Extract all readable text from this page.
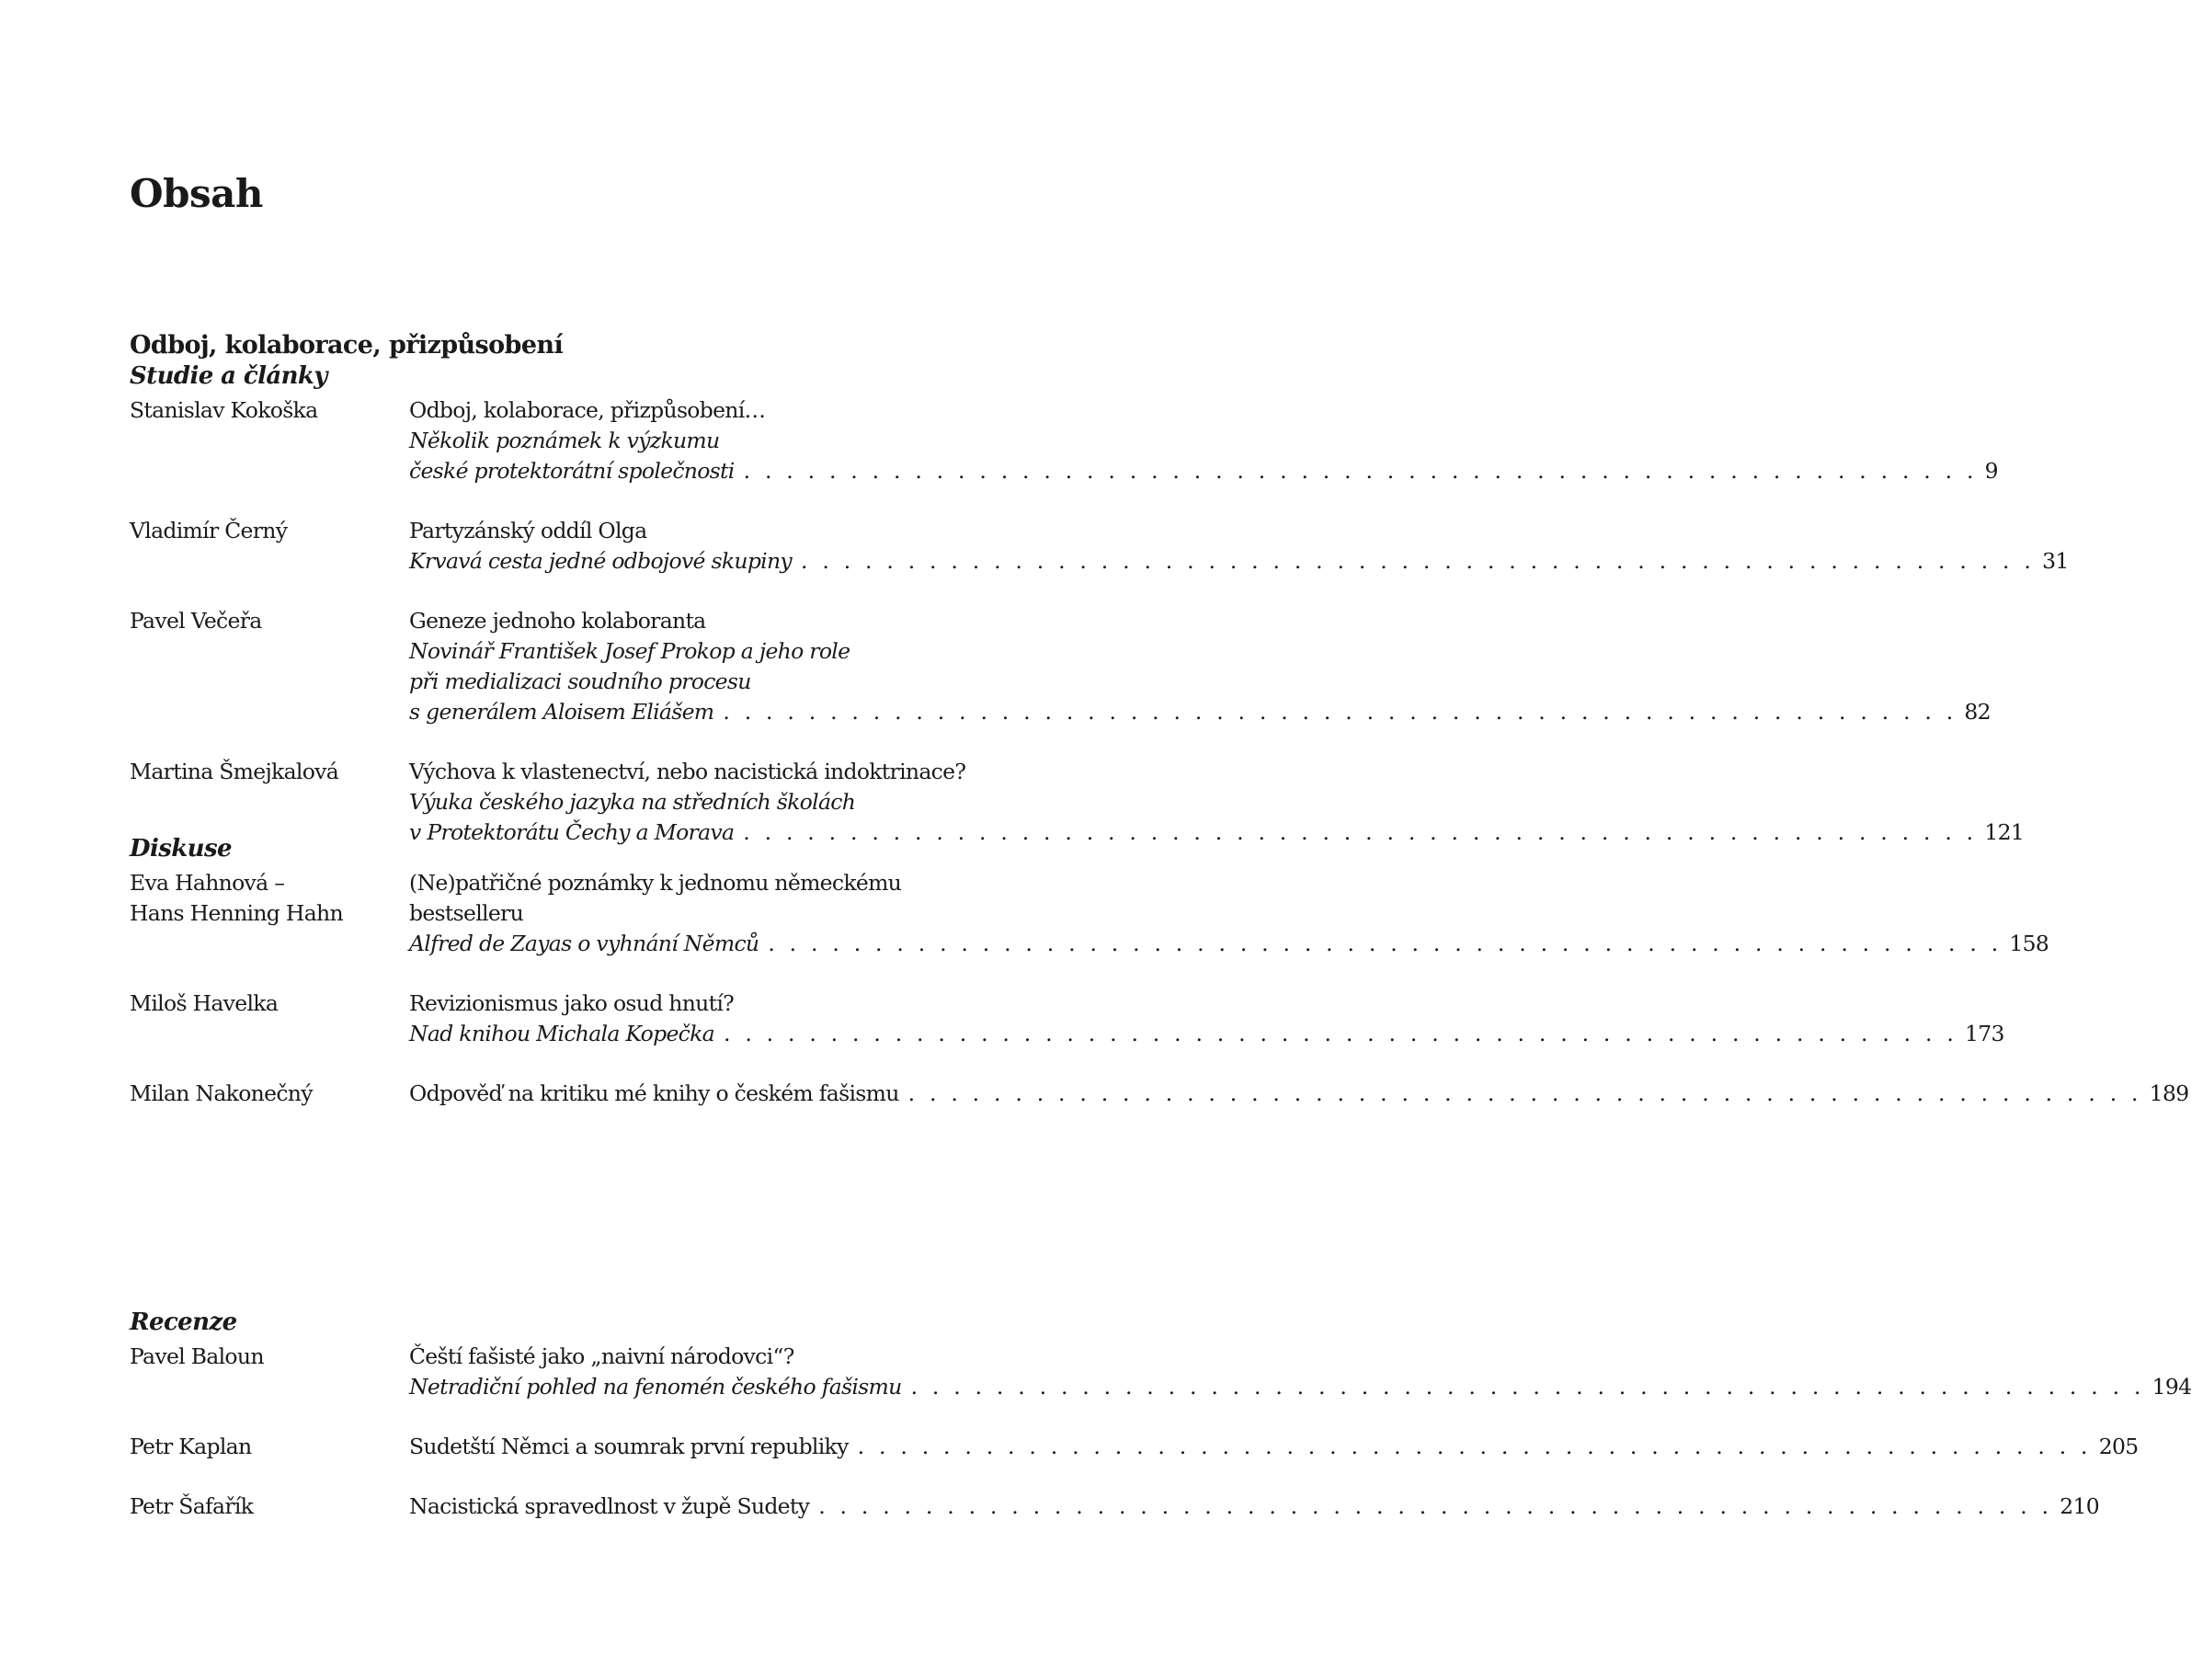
Obsah
Odboj, kolaborace, přizpůsobení
Studie a články
Stanislav Kokoška	Odboj, kolaborace, přizpůsobení…
Několik poznámek k výzkumu
české protektorátní společnosti . . .	9
Vladimír Černý	Partyzánský oddíl Olga
Krvavá cesta jedné odbojové skupiny . . .	31
Pavel Večeřa	Geneze jednoho kolaboranta
Novinář František Josef Prokop a jeho role
při medializaci soudního procesu
s generálem Aloisem Eliášem . . .	82
Martina Šmejkalová	Výchova k vlastenectví, nebo nacistická indoktrinace?
Výuka českého jazyka na středních školách
v Protektorátu Čechy a Morava . . .	121
Diskuse
Eva Hahnová –
Hans Henning Hahn
(Ne)patřičné poznámky k jednomu německému
bestselleru
Alfred de Zayas o vyhnání Němců . . .	158
Miloš Havelka	Revizionismus jako osud hnutí?
Nad knihou Michala Kopečka . . .	173
Milan Nakonečný	Odpověď na kritiku mé knihy o českém fašismu . . .	189
Recenze
Pavel Baloun	Čeští fašisté jako „naivní národovci“?
Netradiční pohled na fenomén českého fašismu . . .	194
Petr Kaplan	Sudetští Němci a soumrak první republiky . . .	205
Petr Šafařík	Nacistická spravedlnost v župě Sudety . . .	210
